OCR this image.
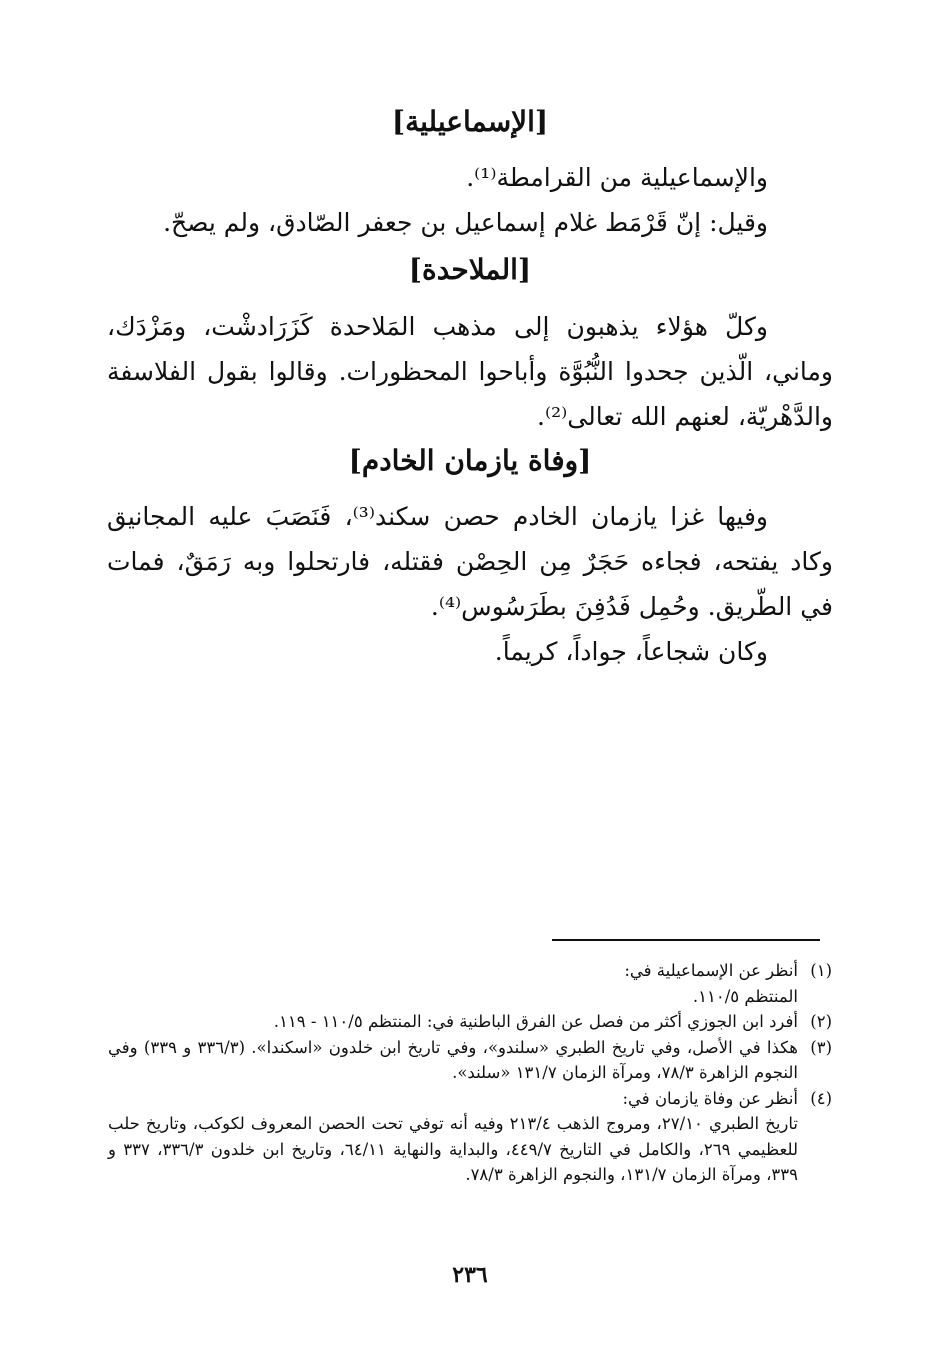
[الإسماعيلية]

والإسماعيلية من القرامطة⁽¹⁾.

وقيل: إنّ قَرْمَط غلام إسماعيل بن جعفر الصّادق، ولم يصحّ.

[الملاحدة]

وكلّ هؤلاء يذهبون إلى مذهب المَلاحدة كَزَرَادشْت، ومَزْدَك، وماني، الّذين جحدوا النُّبُوَّة وأباحوا المحظورات. وقالوا بقول الفلاسفة والدَّهْريّة، لعنهم الله تعالى⁽²⁾.

[وفاة يازمان الخادم]

وفيها غزا يازمان الخادم حصن سكند⁽³⁾، فَنَصَبَ عليه المجانيق وكاد يفتحه، فجاءه حَجَرٌ مِن الحِصْن فقتله، فارتحلوا وبه رَمَقٌ، فمات في الطّريق. وحُمِل فَدُفِنَ بطَرَسُوس⁽⁴⁾.

وكان شجاعاً، جواداً، كريماً.

(١)

أنظر عن الإسماعيلية في:

المنتظم ١١٠/٥.

(٢)

أفرد ابن الجوزي أكثر من فصل عن الفرق الباطنية في: المنتظم ١١٠/٥ - ١١٩.

(٣)

هكذا في الأصل، وفي تاريخ الطبري «سلندو»، وفي تاريخ ابن خلدون «اسكندا». (٣٣٦/٣ و ٣٣٩) وفي النجوم الزاهرة ٧٨/٣، ومرآة الزمان ١٣١/٧ «سلند».

(٤)

أنظر عن وفاة يازمان في:

تاريخ الطبري ٢٧/١٠، ومروج الذهب ٢١٣/٤ وفيه أنه توفي تحت الحصن المعروف لكوكب، وتاريخ حلب للعظيمي ٢٦٩، والكامل في التاريخ ٤٤٩/٧، والبداية والنهاية ٦٤/١١، وتاريخ ابن خلدون ٣٣٦/٣، ٣٣٧ و ٣٣٩، ومرآة الزمان ١٣١/٧، والنجوم الزاهرة ٧٨/٣.

٢٣٦
